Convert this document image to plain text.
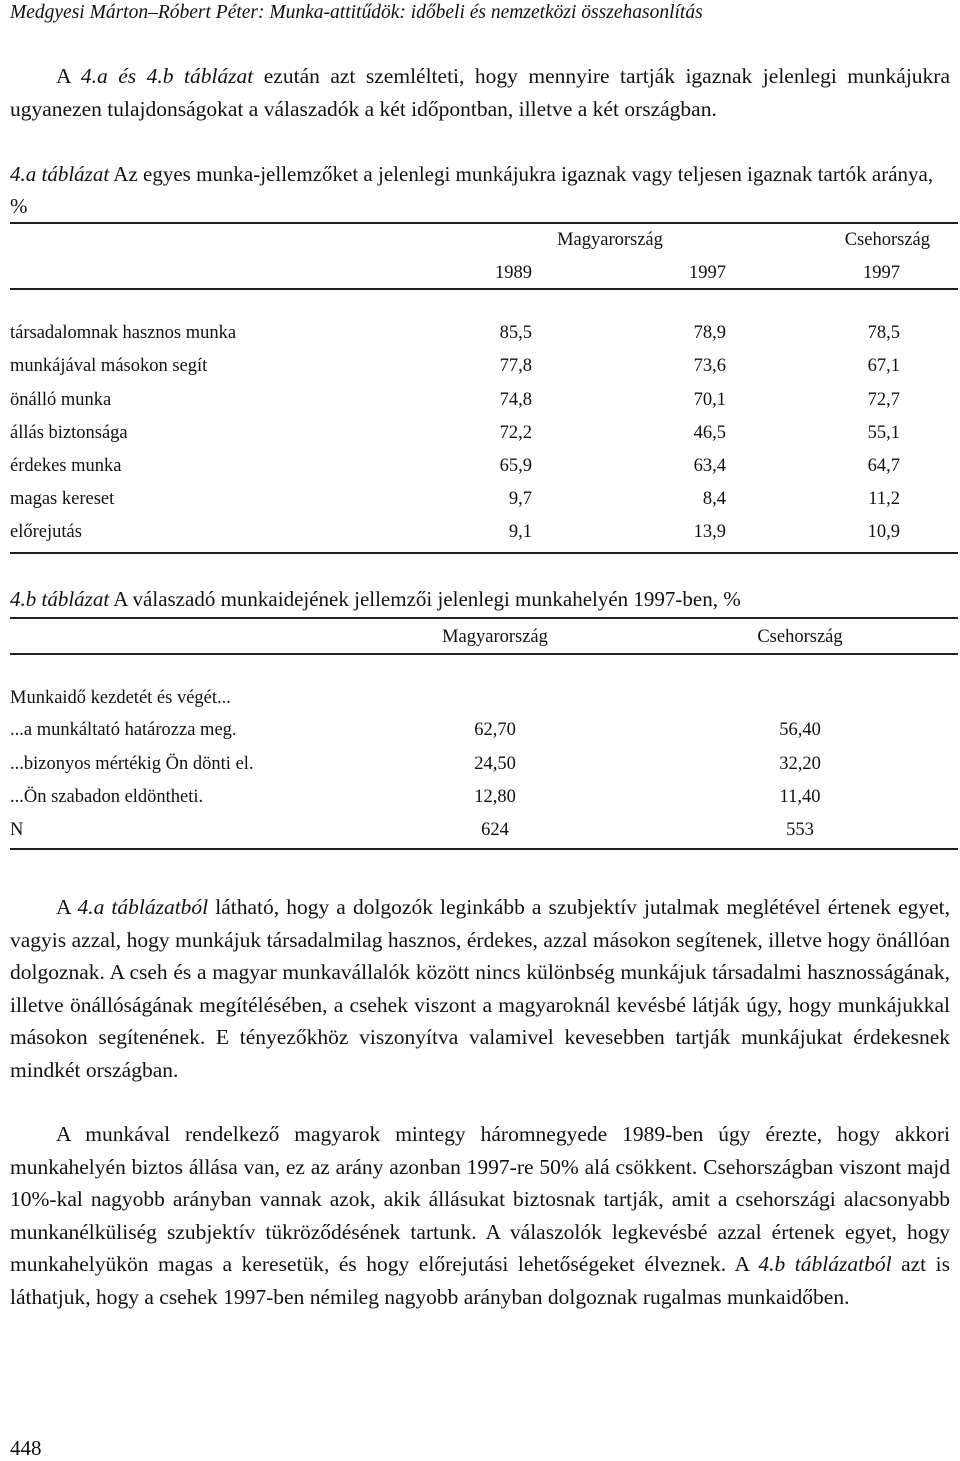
Medgyesi Márton–Róbert Péter: Munka-attitűdök: időbeli és nemzetközi összehasonlítás

A 4.a és 4.b táblázat ezután azt szemlélteti, hogy mennyire tartják igaznak jelenlegi munkájukra ugyanezen tulajdonságokat a válaszadók a két időpontban, illetve a két országban.

4.a táblázat Az egyes munka-jellemzőket a jelenlegi munkájukra igaznak vagy teljesen igaznak tartók aránya, %

Magyarország	Csehország
1989	1997	1997
társadalomnak hasznos munka	85,5	78,9	78,5
munkájával másokon segít	77,8	73,6	67,1
önálló munka	74,8	70,1	72,7
állás biztonsága	72,2	46,5	55,1
érdekes munka	65,9	63,4	64,7
magas kereset	9,7	8,4	11,2
előrejutás	9,1	13,9	10,9

4.b táblázat A válaszadó munkaidejének jellemzői jelenlegi munkahelyén 1997-ben, %

Magyarország	Csehország
Munkaidő kezdetét és végét...
...a munkáltató határozza meg.	62,70	56,40
...bizonyos mértékig Ön dönti el.	24,50	32,20
...Ön szabadon eldöntheti.	12,80	11,40
N	624	553

A 4.a táblázatból látható, hogy a dolgozók leginkább a szubjektív jutalmak meglétével értenek egyet, vagyis azzal, hogy munkájuk társadalmilag hasznos, érdekes, azzal másokon segítenek, illetve hogy önállóan dolgoznak. A cseh és a magyar munkavállalók között nincs különbség munkájuk társadalmi hasznosságának, illetve önállóságának megítélésében, a csehek viszont a magyaroknál kevésbé látják úgy, hogy munkájukkal másokon segítenének. E tényezőkhöz viszonyítva valamivel kevesebben tartják munkájukat érdekesnek mindkét országban.

A munkával rendelkező magyarok mintegy háromnegyede 1989-ben úgy érezte, hogy akkori munkahelyén biztos állása van, ez az arány azonban 1997-re 50% alá csökkent. Csehországban viszont majd 10%-kal nagyobb arányban vannak azok, akik állásukat biztosnak tartják, amit a csehországi alacsonyabb munkanélküliség szubjektív tükröződésének tartunk. A válaszolók legkevésbé azzal értenek egyet, hogy munkahelyükön magas a keresetük, és hogy előrejutási lehetőségeket élveznek. A 4.b táblázatból azt is láthatjuk, hogy a csehek 1997-ben némileg nagyobb arányban dolgoznak rugalmas munkaidőben.

448
